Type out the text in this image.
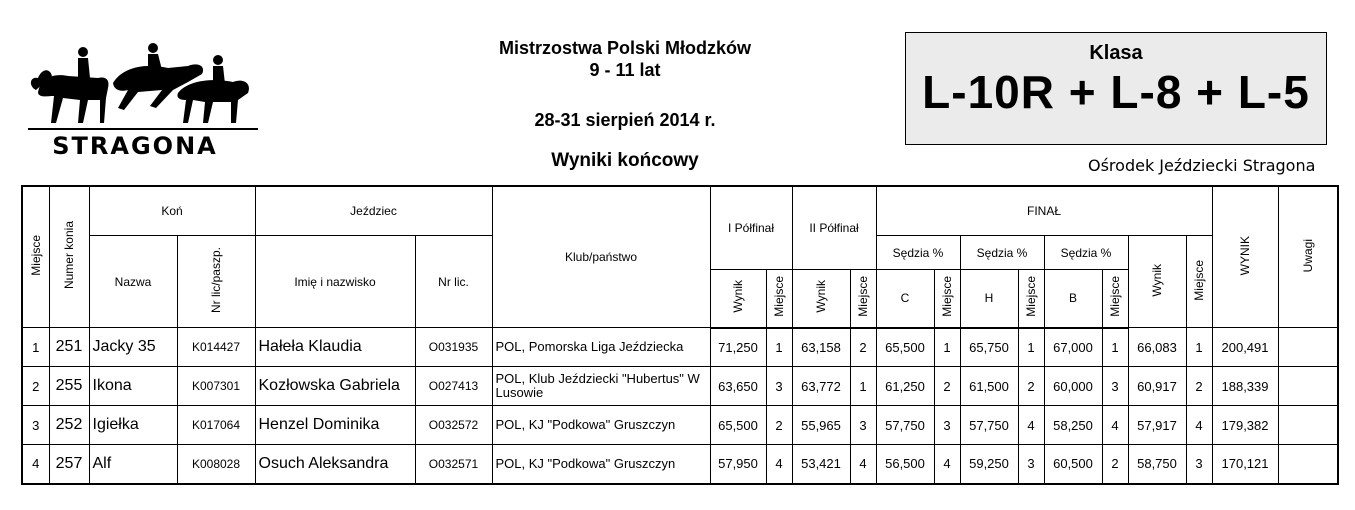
STRAGONA
Mistrzostwa Polski Młodzków
9 - 11 lat
28-31 sierpień 2014 r.
Wyniki końcowy
Klasa
L-10R + L-8 + L-5
Ośrodek Jeździecki Stragona
Miejsce	Numer konia	Koń		Jeździec		Klub/państwo	I Półfinał		II Półfinał		FINAŁ								WYNIK	Uwagi
		Nazwa	Nr lic/paszp.	Imię i nazwisko	Nr lic.						Sędzia %		Sędzia %		Sędzia %		Wynik	Miejsce		
							Wynik	Miejsce	Wynik	Miejsce	C	Miejsce	H	Miejsce	B	Miejsce				
1	251	Jacky 35	K014427	Hałeła Klaudia	O031935	POL, Pomorska Liga Jeździecka	71,250	1	63,158	2	65,500	1	65,750	1	67,000	1	66,083	1	200,491	
2	255	Ikona	K007301	Kozłowska Gabriela	O027413	POL, Klub Jeździecki "Hubertus" W Lusowie	63,650	3	63,772	1	61,250	2	61,500	2	60,000	3	60,917	2	188,339	
3	252	Igiełka	K017064	Henzel Dominika	O032572	POL, KJ "Podkowa" Gruszczyn	65,500	2	55,965	3	57,750	3	57,750	4	58,250	4	57,917	4	179,382	
4	257	Alf	K008028	Osuch Aleksandra	O032571	POL, KJ "Podkowa" Gruszczyn	57,950	4	53,421	4	56,500	4	59,250	3	60,500	2	58,750	3	170,121	
